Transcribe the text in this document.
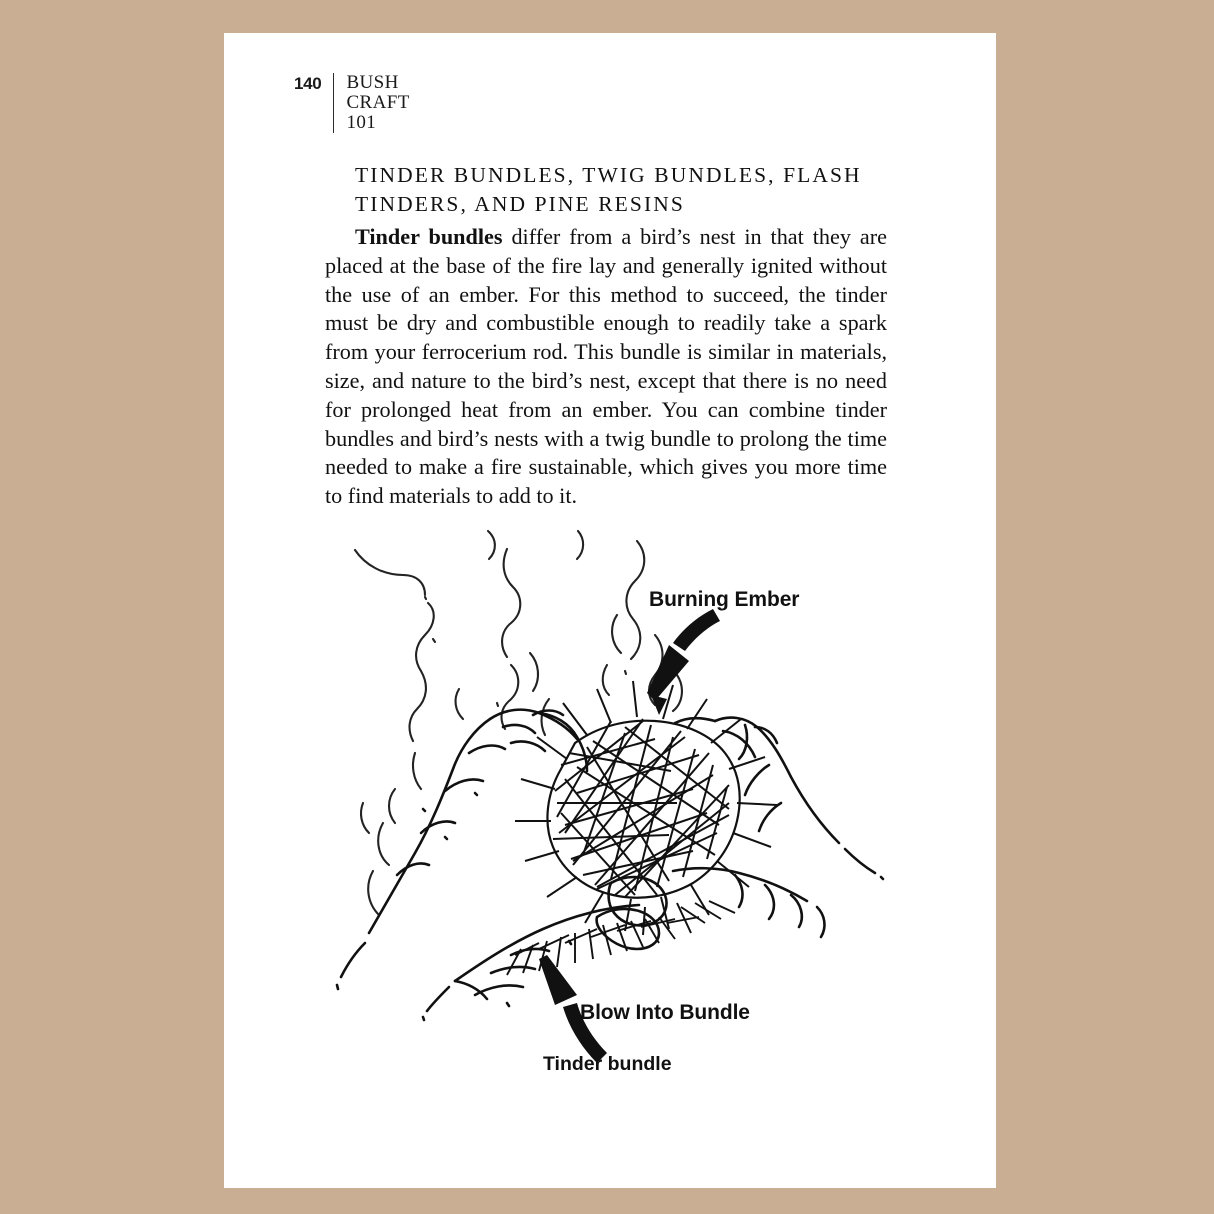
140	BUSH
CRAFT
101
TINDER BUNDLES, TWIG BUNDLES, FLASH TINDERS, AND PINE RESINS

Tinder bundles differ from a bird’s nest in that they are placed at the base of the fire lay and generally ignited without the use of an ember. For this method to succeed, the tinder must be dry and combustible enough to readily take a spark from your ferrocerium rod. This bundle is similar in materials, size, and nature to the bird’s nest, except that there is no need for prolonged heat from an ember. You can combine tinder bundles and bird’s nests with a twig bundle to prolong the time needed to make a fire sustainable, which gives you more time to find materials to add to it.

Burning Ember
Blow Into Bundle
Tinder bundle
